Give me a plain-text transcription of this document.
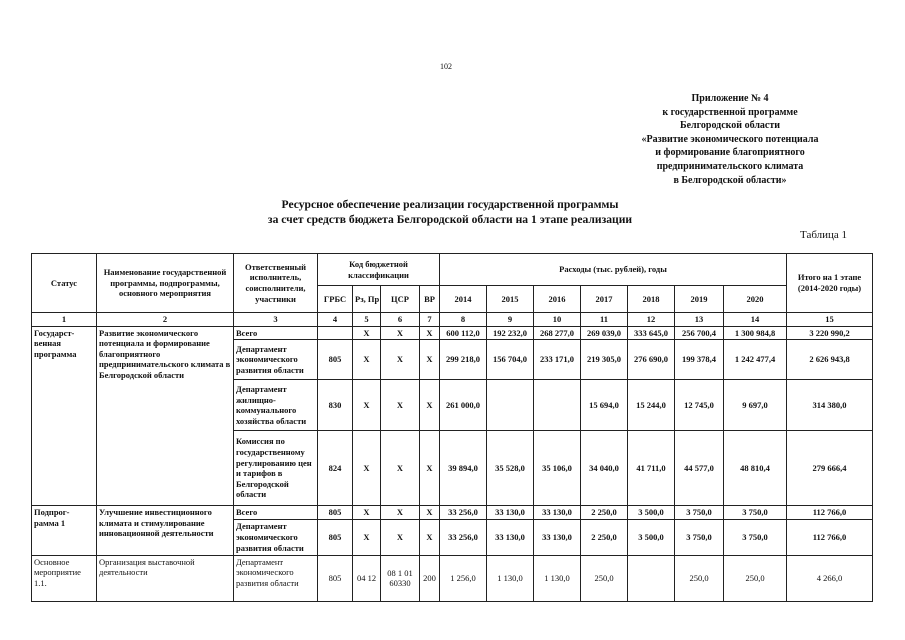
102
Приложение № 4
к государственной программе
Белгородской области
«Развитие экономического потенциала
и формирование благоприятного
предпринимательского климата
в Белгородской области»
Ресурсное обеспечение реализации государственной программы
за счет средств бюджета Белгородской области на 1 этапе реализации
Таблица 1
Статус	Наименование государственной программы, подпрограммы, основного мероприятия	Ответственный исполнитель, соисполнители, участники	Код бюджетной классификации				Расходы (тыс. рублей), годы							Итого на 1 этапе (2014-2020 годы)
			ГРБС	Рз, Пр	ЦСР	ВР	2014	2015	2016	2017	2018	2019	2020	
1	2	3	4	5	6	7	8	9	10	11	12	13	14	15
Государст-венная программа	Развитие экономического потенциала и формирование благоприятного предпринимательского климата в Белгородской области	Всего		X	X	X	600 112,0	192 232,0	268 277,0	269 039,0	333 645,0	256 700,4	1 300 984,8	3 220 990,2
		Департамент экономического развития области	805	X	X	X	299 218,0	156 704,0	233 171,0	219 305,0	276 690,0	199 378,4	1 242 477,4	2 626 943,8
		Департамент жилищно-коммунального хозяйства области	830	X	X	X	261 000,0			15 694,0	15 244,0	12 745,0	9 697,0	314 380,0
		Комиссия по государственному регулированию цен и тарифов в Белгородской области	824	X	X	X	39 894,0	35 528,0	35 106,0	34 040,0	41 711,0	44 577,0	48 810,4	279 666,4
Подпрог-рамма 1	Улучшение инвестиционного климата и стимулирование инновационной деятельности	Всего	805	X	X	X	33 256,0	33 130,0	33 130,0	2 250,0	3 500,0	3 750,0	3 750,0	112 766,0
		Департамент экономического развития области	805	X	X	X	33 256,0	33 130,0	33 130,0	2 250,0	3 500,0	3 750,0	3 750,0	112 766,0
Основное мероприятие 1.1.	Организация выставочной деятельности	Департамент экономического развития области	805	04 12	08 1 01 60330	200	1 256,0	1 130,0	1 130,0	250,0		250,0	250,0	4 266,0
